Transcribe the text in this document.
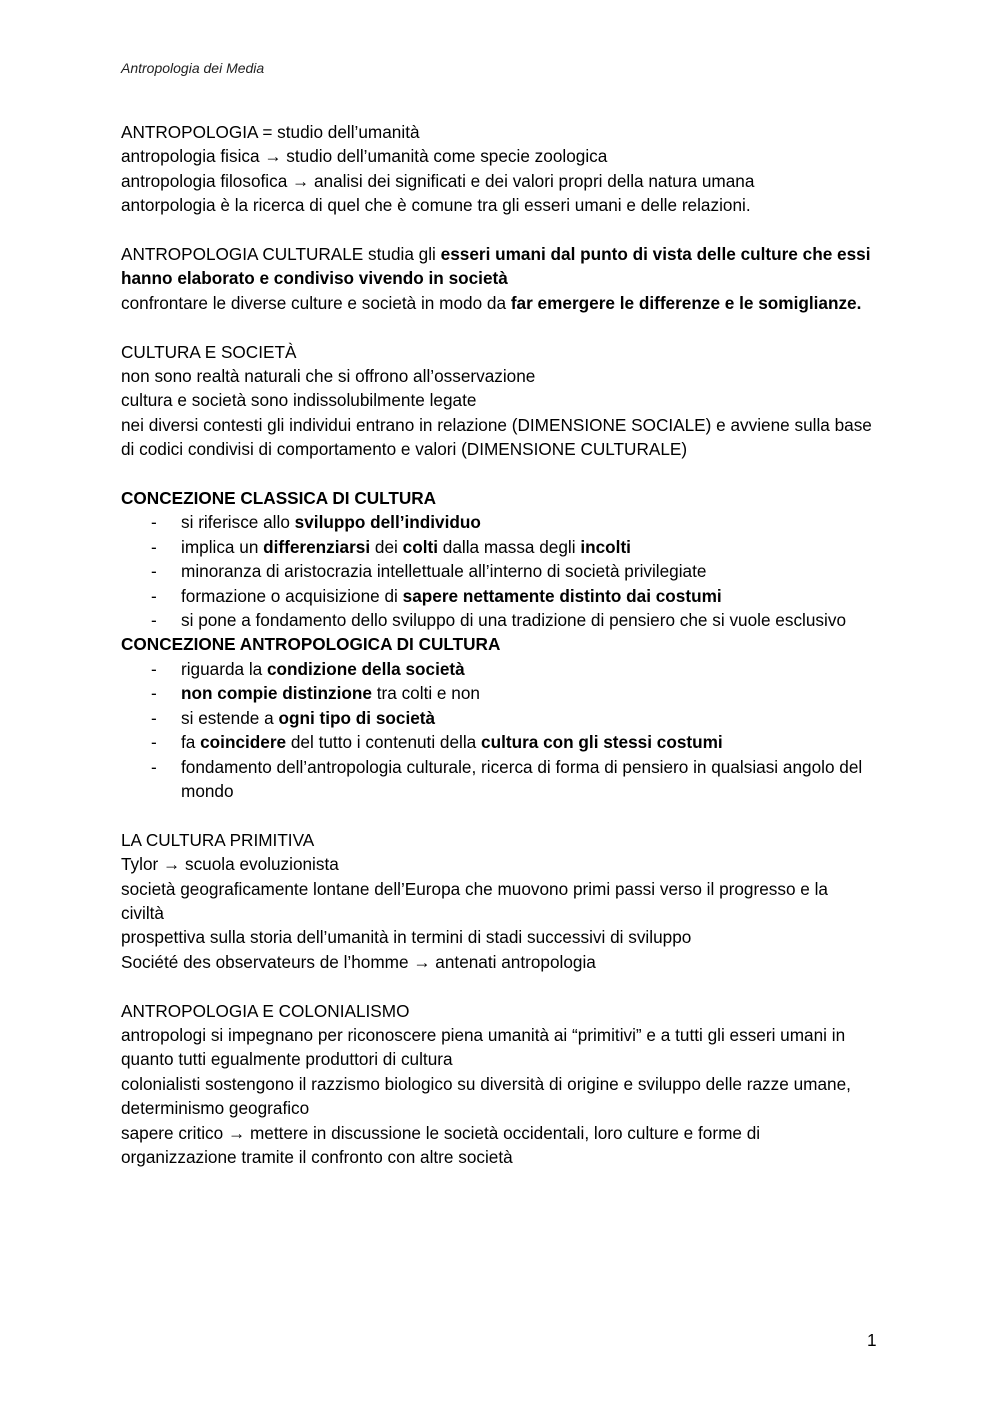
Antropologia dei Media

ANTROPOLOGIA = studio dell’umanità

antropologia fisica → studio dell’umanità come specie zoologica

antropologia filosofica → analisi dei significati e dei valori propri della natura umana

antorpologia è la ricerca di quel che è comune tra gli esseri umani e delle relazioni.

ANTROPOLOGIA CULTURALE studia gli esseri umani dal punto di vista delle culture che essi hanno elaborato e condiviso vivendo in società

confrontare le diverse culture e società in modo da far emergere le differenze e le somiglianze.

CULTURA E SOCIETÀ

non sono realtà naturali che si offrono all’osservazione

cultura e società sono indissolubilmente legate

nei diversi contesti gli individui entrano in relazione (DIMENSIONE SOCIALE) e avviene sulla base di codici condivisi di comportamento e valori (DIMENSIONE CULTURALE)

CONCEZIONE CLASSICA DI CULTURA

- si riferisce allo sviluppo dell’individuo
- implica un differenziarsi dei colti dalla massa degli incolti
- minoranza di aristocrazia intellettuale all’interno di società privilegiate
- formazione o acquisizione di sapere nettamente distinto dai costumi
- si pone a fondamento dello sviluppo di una tradizione di pensiero che si vuole esclusivo

CONCEZIONE ANTROPOLOGICA DI CULTURA

- riguarda la condizione della società
- non compie distinzione tra colti e non
- si estende a ogni tipo di società
- fa coincidere del tutto i contenuti della cultura con gli stessi costumi
- fondamento dell’antropologia culturale, ricerca di forma di pensiero in qualsiasi angolo del mondo

LA CULTURA PRIMITIVA

Tylor → scuola evoluzionista

società geograficamente lontane dell’Europa che muovono primi passi verso il progresso e la civiltà

prospettiva sulla storia dell’umanità in termini di stadi successivi di sviluppo

Société des observateurs de l’homme → antenati antropologia

ANTROPOLOGIA E COLONIALISMO

antropologi si impegnano per riconoscere piena umanità ai “primitivi” e a tutti gli esseri umani in quanto tutti egualmente produttori di cultura

colonialisti sostengono il razzismo biologico su diversità di origine e sviluppo delle razze umane, determinismo geografico

sapere critico → mettere in discussione le società occidentali, loro culture e forme di organizzazione tramite il confronto con altre società

1
